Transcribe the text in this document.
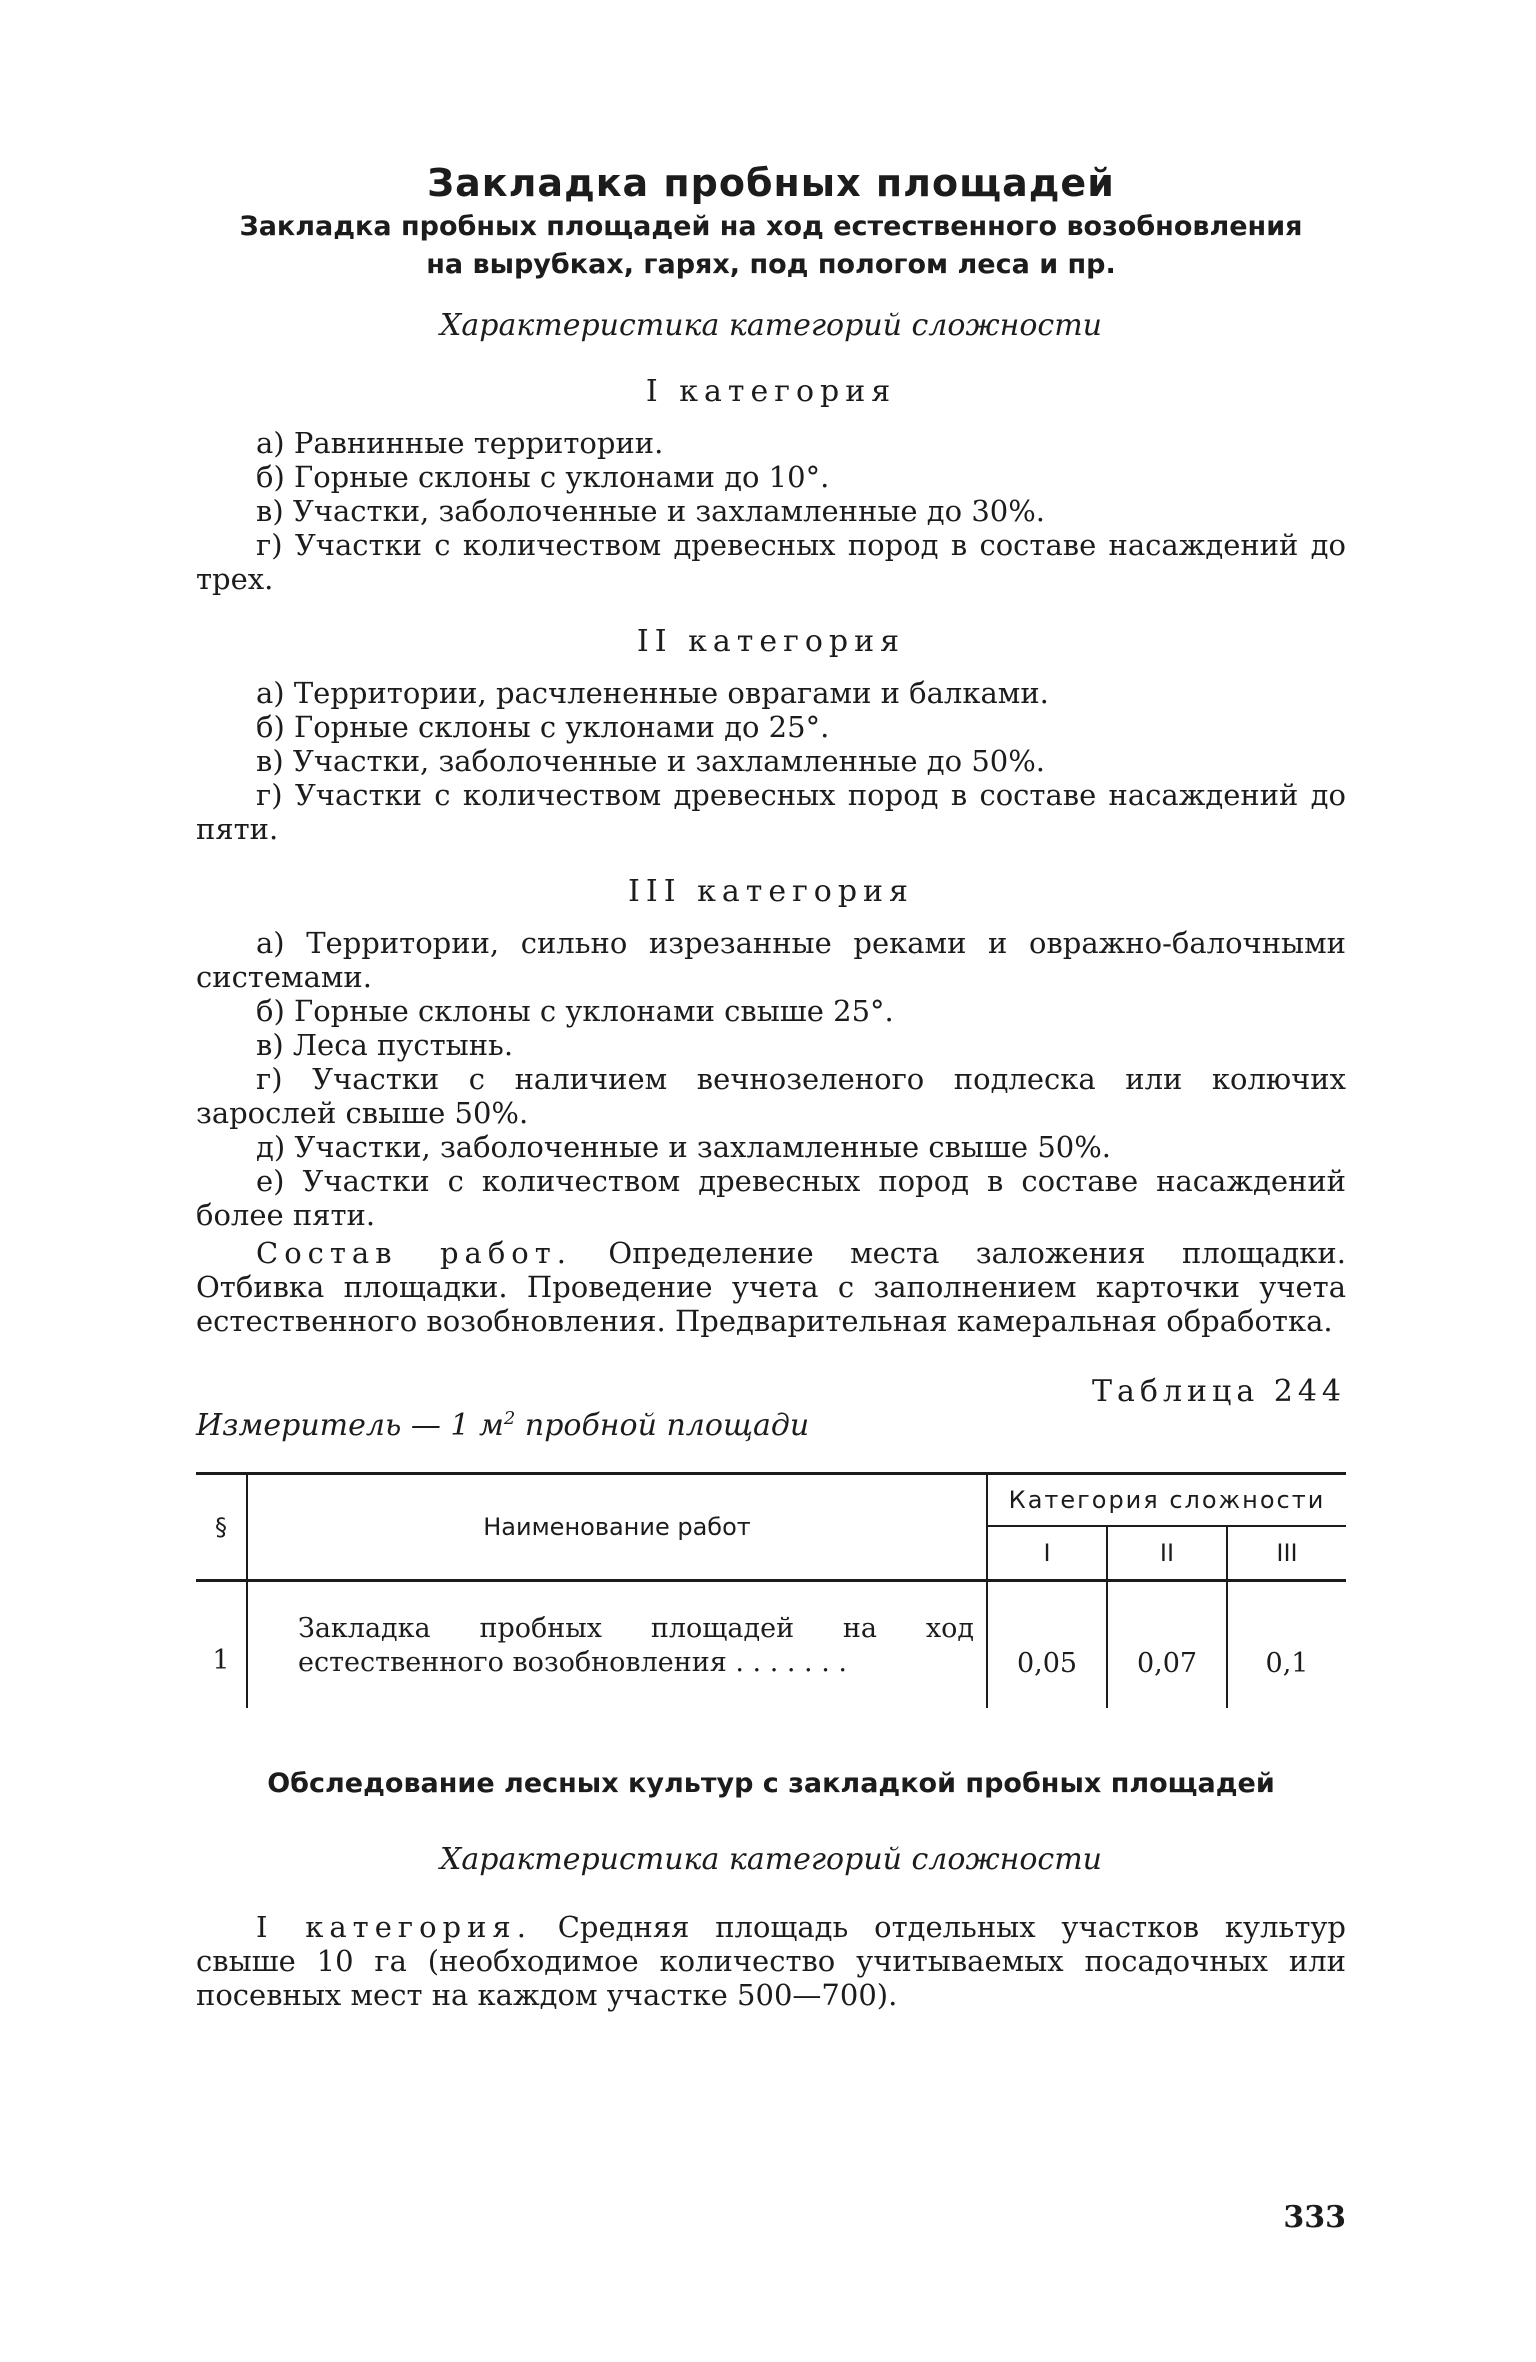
Закладка пробных площадей
Закладка пробных площадей на ход естественного возобновления
на вырубках, гарях, под пологом леса и пр.
Характеристика категорий сложности
I категория

а) Равнинные территории.

б) Горные склоны с уклонами до 10°.

в) Участки, заболоченные и захламленные до 30%.

г) Участки с количеством древесных пород в составе насаждений до трех.

II категория

а) Территории, расчлененные оврагами и балками.

б) Горные склоны с уклонами до 25°.

в) Участки, заболоченные и захламленные до 50%.

г) Участки с количеством древесных пород в составе насаждений до пяти.

III категория

а) Территории, сильно изрезанные реками и овражно-балочными системами.

б) Горные склоны с уклонами свыше 25°.

в) Леса пустынь.

г) Участки с наличием вечнозеленого подлеска или колючих зарослей свыше 50%.

д) Участки, заболоченные и захламленные свыше 50%.

е) Участки с количеством древесных пород в составе насаждений более пяти.

Состав работ. Определение места заложения площадки. Отбивка площадки. Проведение учета с заполнением карточки учета естественного возобновления. Предварительная камеральная обработка.

Таблица 244
Измеритель — 1 $м^2$ пробной площади
§	Наименование работ	Категория сложности		
		I	II	III
1	Закладка пробных площадей на ход естественного возобновления . . . . . . .	0,05	0,07	0,1
Обследование лесных культур с закладкой пробных площадей
Характеристика категорий сложности

I категория. Средняя площадь отдельных участков культур свыше 10 га (необходимое количество учитываемых посадочных или посевных мест на каждом участке 500—700).

333
